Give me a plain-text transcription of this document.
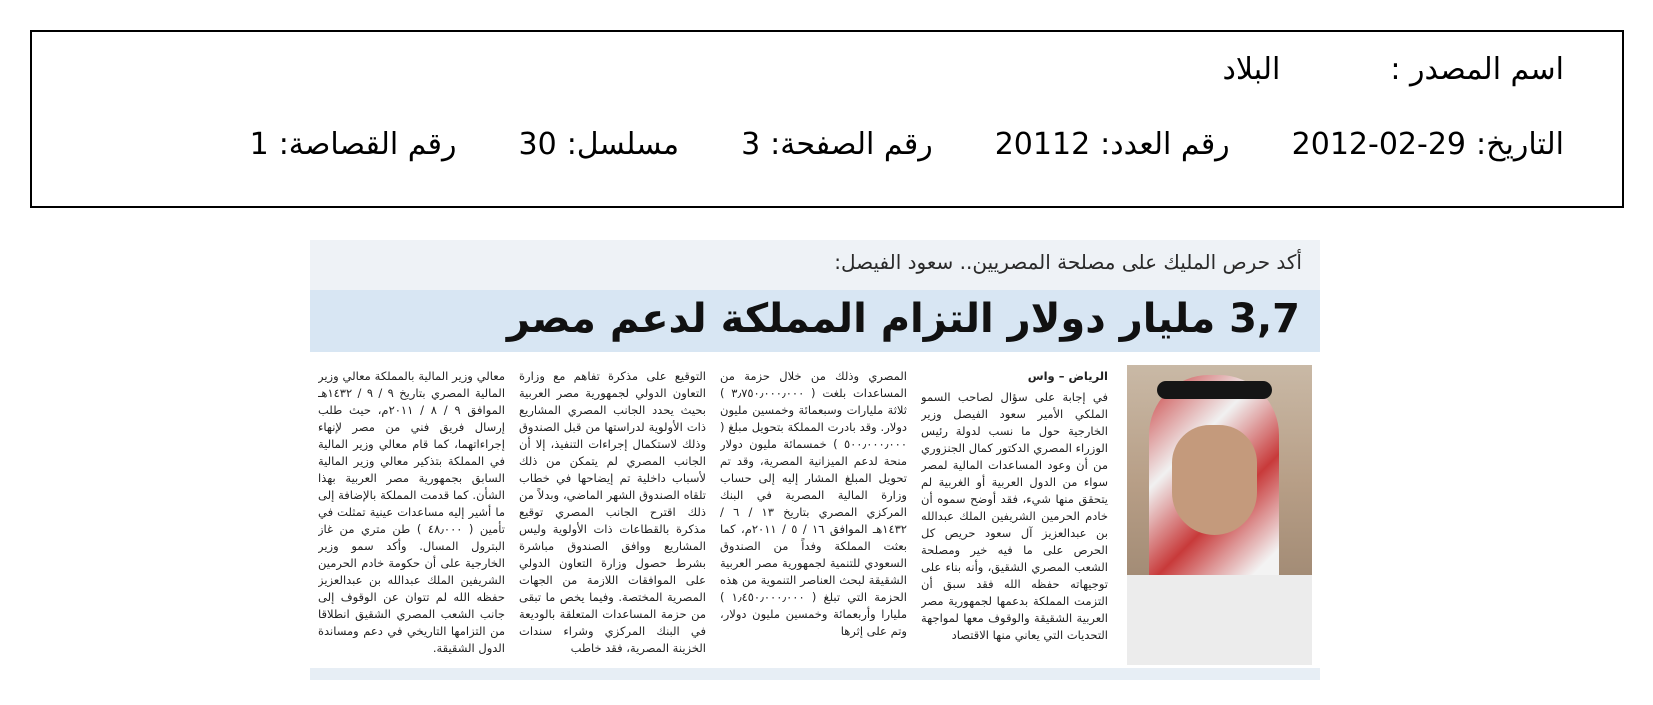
اسم المصدر :
البلاد
التاريخ:
2012-02-29
رقم العدد:
20112
رقم الصفحة:
3
مسلسل:
30
رقم القصاصة:
1
أكد حرص المليك على مصلحة المصريين.. سعود الفيصل:
3,7 مليار دولار التزام المملكة لدعم مصر
الرياض – واس
في إجابة على سؤال لصاحب السمو الملكي الأمير سعود الفيصل وزير الخارجية حول ما نسب لدولة رئيس الوزراء المصري الدكتور كمال الجنزوري من أن وعود المساعدات المالية لمصر سواء من الدول العربية أو الغربية لم يتحقق منها شيء، فقد أوضح سموه أن خادم الحرمين الشريفين الملك عبدالله بن عبدالعزيز آل سعود حريص كل الحرص على ما فيه خير ومصلحة الشعب المصري الشقيق، وأنه بناء على توجيهاته حفظه الله فقد سبق أن التزمت المملكة بدعمها لجمهورية مصر العربية الشقيقة والوقوف معها لمواجهة التحديات التي يعاني منها الاقتصاد
المصري وذلك من خلال حزمة من المساعدات بلغت ( ٣٫٧٥٠٫٠٠٠٫٠٠٠ ) ثلاثة مليارات وسبعمائة وخمسين مليون دولار. وقد بادرت المملكة بتحويل مبلغ ( ٥٠٠٫٠٠٠٫٠٠٠ ) خمسمائة مليون دولار منحة لدعم الميزانية المصرية، وقد تم تحويل المبلغ المشار إليه إلى حساب وزارة المالية المصرية في البنك المركزي المصري بتاريخ ١٣ / ٦ / ١٤٣٢هـ الموافق ١٦ / ٥ / ٢٠١١م، كما بعثت المملكة وفداً من الصندوق السعودي للتنمية لجمهورية مصر العربية الشقيقة لبحث العناصر التنموية من هذه الحزمة التي تبلغ ( ١٫٤٥٠٫٠٠٠٫٠٠٠ ) مليارا وأربعمائة وخمسين مليون دولار، وتم على إثرها
التوقيع على مذكرة تفاهم مع وزارة التعاون الدولي لجمهورية مصر العربية بحيث يحدد الجانب المصري المشاريع ذات الأولوية لدراستها من قبل الصندوق وذلك لاستكمال إجراءات التنفيذ، إلا أن الجانب المصري لم يتمكن من ذلك لأسباب داخلية تم إيضاحها في خطاب تلقاه الصندوق الشهر الماضي، وبدلاً من ذلك اقترح الجانب المصري توقيع مذكرة بالقطاعات ذات الأولوية وليس المشاريع ووافق الصندوق مباشرة بشرط حصول وزارة التعاون الدولي على الموافقات اللازمة من الجهات المصرية المختصة. وفيما يخص ما تبقى من حزمة المساعدات المتعلقة بالوديعة في البنك المركزي وشراء سندات الخزينة المصرية، فقد خاطب
معالي وزير المالية بالمملكة معالي وزير المالية المصري بتاريخ ٩ / ٩ / ١٤٣٢هـ الموافق ٩ / ٨ / ٢٠١١م، حيث طلب إرسال فريق فني من مصر لإنهاء إجراءاتهما، كما قام معالي وزير المالية في المملكة بتذكير معالي وزير المالية السابق بجمهورية مصر العربية بهذا الشأن. كما قدمت المملكة بالإضافة إلى ما أشير إليه مساعدات عينية تمثلت في تأمين ( ٤٨٫٠٠٠ ) طن متري من غاز البترول المسال. وأكد سمو وزير الخارجية على أن حكومة خادم الحرمين الشريفين الملك عبدالله بن عبدالعزيز حفظه الله لم تتوان عن الوقوف إلى جانب الشعب المصري الشقيق انطلاقا من التزامها التاريخي في دعم ومساندة الدول الشقيقة.
